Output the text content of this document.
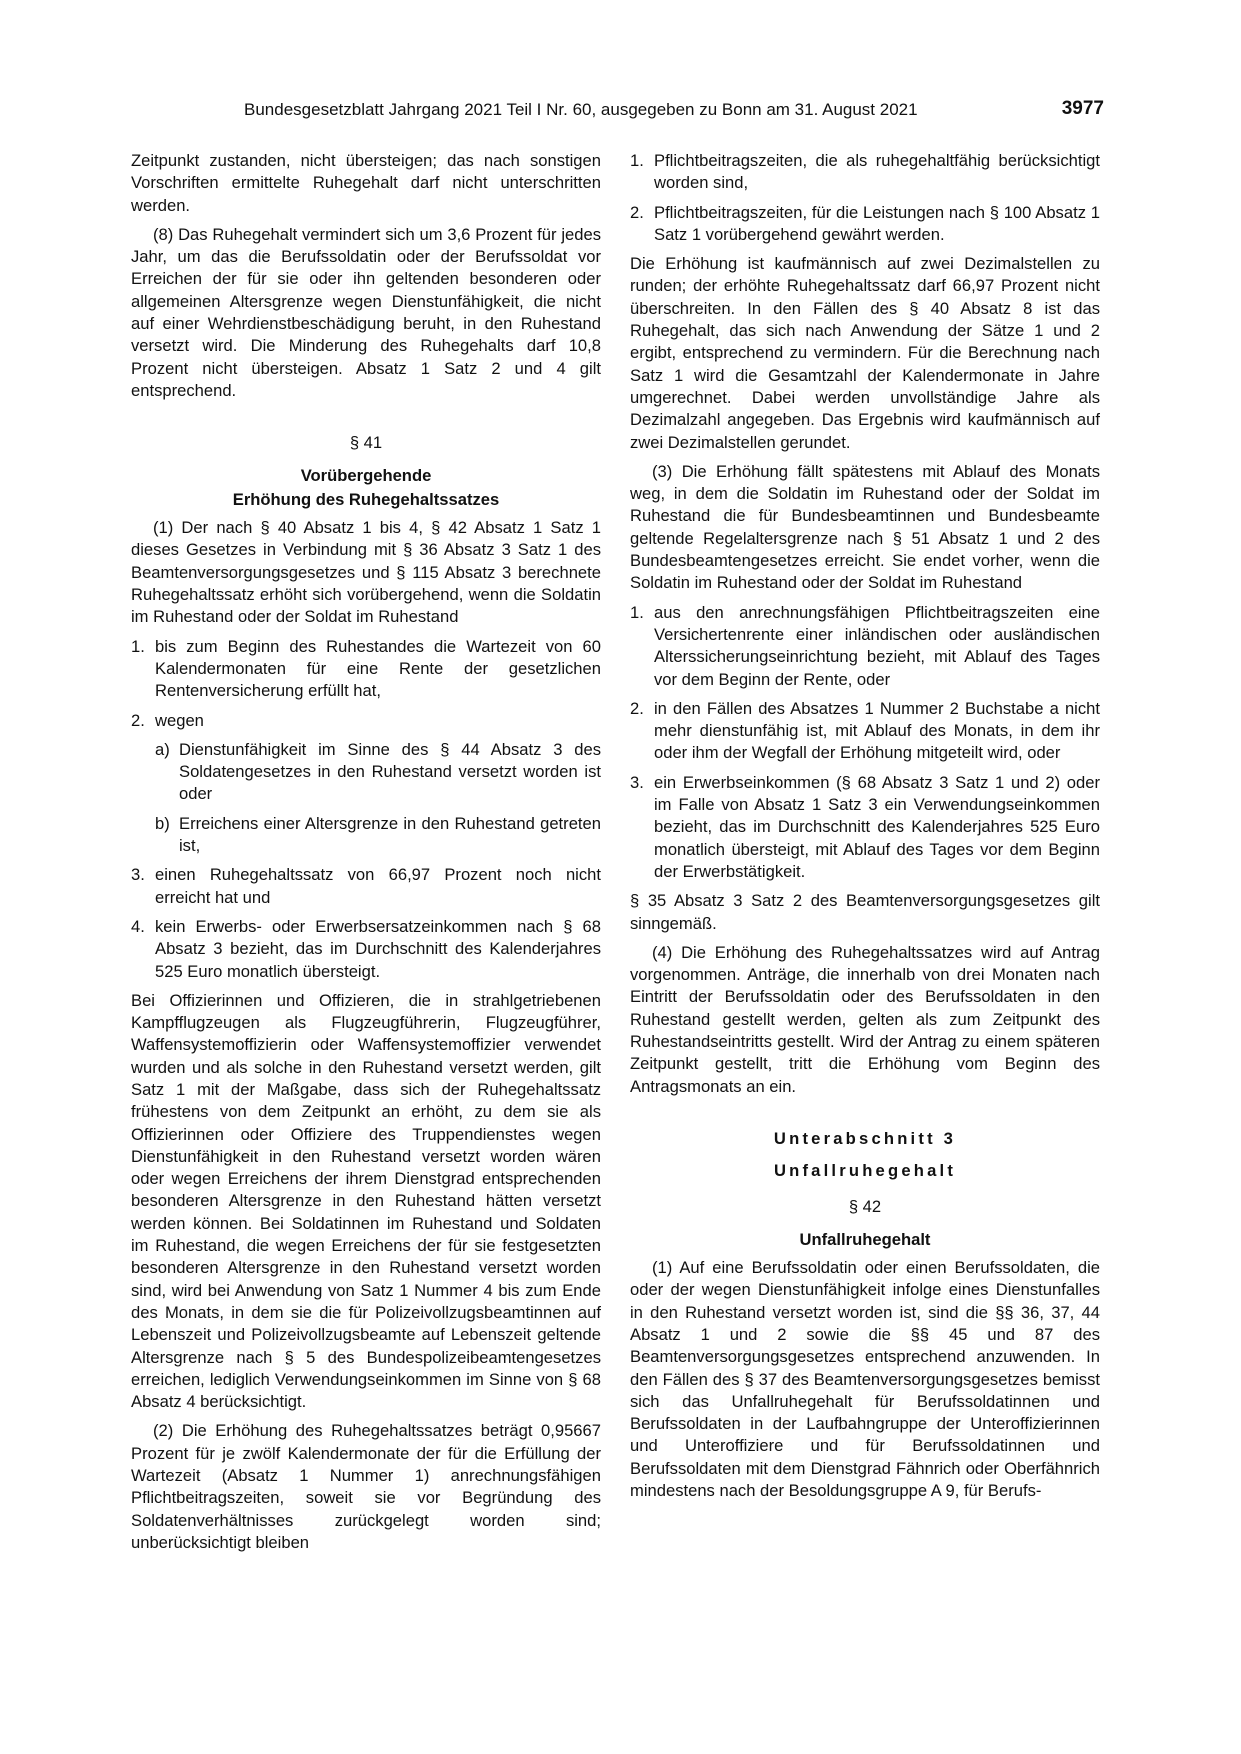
Bundesgesetzblatt Jahrgang 2021 Teil I Nr. 60, ausgegeben zu Bonn am 31. August 2021	3977

Zeitpunkt zustanden, nicht übersteigen; das nach sonstigen Vorschriften ermittelte Ruhegehalt darf nicht unterschritten werden.

(8) Das Ruhegehalt vermindert sich um 3,6 Prozent für jedes Jahr, um das die Berufssoldatin oder der Berufssoldat vor Erreichen der für sie oder ihn geltenden besonderen oder allgemeinen Altersgrenze wegen Dienstunfähigkeit, die nicht auf einer Wehrdienstbeschädigung beruht, in den Ruhestand versetzt wird. Die Minderung des Ruhegehalts darf 10,8 Prozent nicht übersteigen. Absatz 1 Satz 2 und 4 gilt entsprechend.

§ 41
Vorübergehende
Erhöhung des Ruhegehaltssatzes

(1) Der nach § 40 Absatz 1 bis 4, § 42 Absatz 1 Satz 1 dieses Gesetzes in Verbindung mit § 36 Absatz 3 Satz 1 des Beamtenversorgungsgesetzes und § 115 Absatz 3 berechnete Ruhegehaltssatz erhöht sich vorübergehend, wenn die Soldatin im Ruhestand oder der Soldat im Ruhestand

1. bis zum Beginn des Ruhestandes die Wartezeit von 60 Kalendermonaten für eine Rente der gesetzlichen Rentenversicherung erfüllt hat,
2. wegen
a) Dienstunfähigkeit im Sinne des § 44 Absatz 3 des Soldatengesetzes in den Ruhestand versetzt worden ist oder
b) Erreichens einer Altersgrenze in den Ruhestand getreten ist,
3. einen Ruhegehaltssatz von 66,97 Prozent noch nicht erreicht hat und
4. kein Erwerbs- oder Erwerbsersatzeinkommen nach § 68 Absatz 3 bezieht, das im Durchschnitt des Kalenderjahres 525 Euro monatlich übersteigt.

Bei Offizierinnen und Offizieren, die in strahlgetriebenen Kampfflugzeugen als Flugzeugführerin, Flugzeugführer, Waffensystemoffizierin oder Waffensystemoffizier verwendet wurden und als solche in den Ruhestand versetzt werden, gilt Satz 1 mit der Maßgabe, dass sich der Ruhegehaltssatz frühestens von dem Zeitpunkt an erhöht, zu dem sie als Offizierinnen oder Offiziere des Truppendienstes wegen Dienstunfähigkeit in den Ruhestand versetzt worden wären oder wegen Erreichens der ihrem Dienstgrad entsprechenden besonderen Altersgrenze in den Ruhestand hätten versetzt werden können. Bei Soldatinnen im Ruhestand und Soldaten im Ruhestand, die wegen Erreichens der für sie festgesetzten besonderen Altersgrenze in den Ruhestand versetzt worden sind, wird bei Anwendung von Satz 1 Nummer 4 bis zum Ende des Monats, in dem sie die für Polizeivollzugsbeamtinnen auf Lebenszeit und Polizeivollzugsbeamte auf Lebenszeit geltende Altersgrenze nach § 5 des Bundespolizeibeamtengesetzes erreichen, lediglich Verwendungseinkommen im Sinne von § 68 Absatz 4 berücksichtigt.

(2) Die Erhöhung des Ruhegehaltssatzes beträgt 0,95667 Prozent für je zwölf Kalendermonate der für die Erfüllung der Wartezeit (Absatz 1 Nummer 1) anrechnungsfähigen Pflichtbeitragszeiten, soweit sie vor Begründung des Soldatenverhältnisses zurückgelegt worden sind; unberücksichtigt bleiben

1. Pflichtbeitragszeiten, die als ruhegehaltfähig berücksichtigt worden sind,
2. Pflichtbeitragszeiten, für die Leistungen nach § 100 Absatz 1 Satz 1 vorübergehend gewährt werden.

Die Erhöhung ist kaufmännisch auf zwei Dezimalstellen zu runden; der erhöhte Ruhegehaltssatz darf 66,97 Prozent nicht überschreiten. In den Fällen des § 40 Absatz 8 ist das Ruhegehalt, das sich nach Anwendung der Sätze 1 und 2 ergibt, entsprechend zu vermindern. Für die Berechnung nach Satz 1 wird die Gesamtzahl der Kalendermonate in Jahre umgerechnet. Dabei werden unvollständige Jahre als Dezimalzahl angegeben. Das Ergebnis wird kaufmännisch auf zwei Dezimalstellen gerundet.

(3) Die Erhöhung fällt spätestens mit Ablauf des Monats weg, in dem die Soldatin im Ruhestand oder der Soldat im Ruhestand die für Bundesbeamtinnen und Bundesbeamte geltende Regelaltersgrenze nach § 51 Absatz 1 und 2 des Bundesbeamtengesetzes erreicht. Sie endet vorher, wenn die Soldatin im Ruhestand oder der Soldat im Ruhestand

1. aus den anrechnungsfähigen Pflichtbeitragszeiten eine Versichertenrente einer inländischen oder ausländischen Alterssicherungseinrichtung bezieht, mit Ablauf des Tages vor dem Beginn der Rente, oder
2. in den Fällen des Absatzes 1 Nummer 2 Buchstabe a nicht mehr dienstunfähig ist, mit Ablauf des Monats, in dem ihr oder ihm der Wegfall der Erhöhung mitgeteilt wird, oder
3. ein Erwerbseinkommen (§ 68 Absatz 3 Satz 1 und 2) oder im Falle von Absatz 1 Satz 3 ein Verwendungseinkommen bezieht, das im Durchschnitt des Kalenderjahres 525 Euro monatlich übersteigt, mit Ablauf des Tages vor dem Beginn der Erwerbstätigkeit.

§ 35 Absatz 3 Satz 2 des Beamtenversorgungsgesetzes gilt sinngemäß.

(4) Die Erhöhung des Ruhegehaltssatzes wird auf Antrag vorgenommen. Anträge, die innerhalb von drei Monaten nach Eintritt der Berufssoldatin oder des Berufssoldaten in den Ruhestand gestellt werden, gelten als zum Zeitpunkt des Ruhestandseintritts gestellt. Wird der Antrag zu einem späteren Zeitpunkt gestellt, tritt die Erhöhung vom Beginn des Antragsmonats an ein.

Unterabschnitt 3
Unfallruhegehalt
§ 42
Unfallruhegehalt

(1) Auf eine Berufssoldatin oder einen Berufssoldaten, die oder der wegen Dienstunfähigkeit infolge eines Dienstunfalles in den Ruhestand versetzt worden ist, sind die §§ 36, 37, 44 Absatz 1 und 2 sowie die §§ 45 und 87 des Beamtenversorgungsgesetzes entsprechend anzuwenden. In den Fällen des § 37 des Beamtenversorgungsgesetzes bemisst sich das Unfallruhegehalt für Berufssoldatinnen und Berufssoldaten in der Laufbahngruppe der Unteroffizierinnen und Unteroffiziere und für Berufssoldatinnen und Berufssoldaten mit dem Dienstgrad Fähnrich oder Oberfähnrich mindestens nach der Besoldungsgruppe A 9, für Berufs-
